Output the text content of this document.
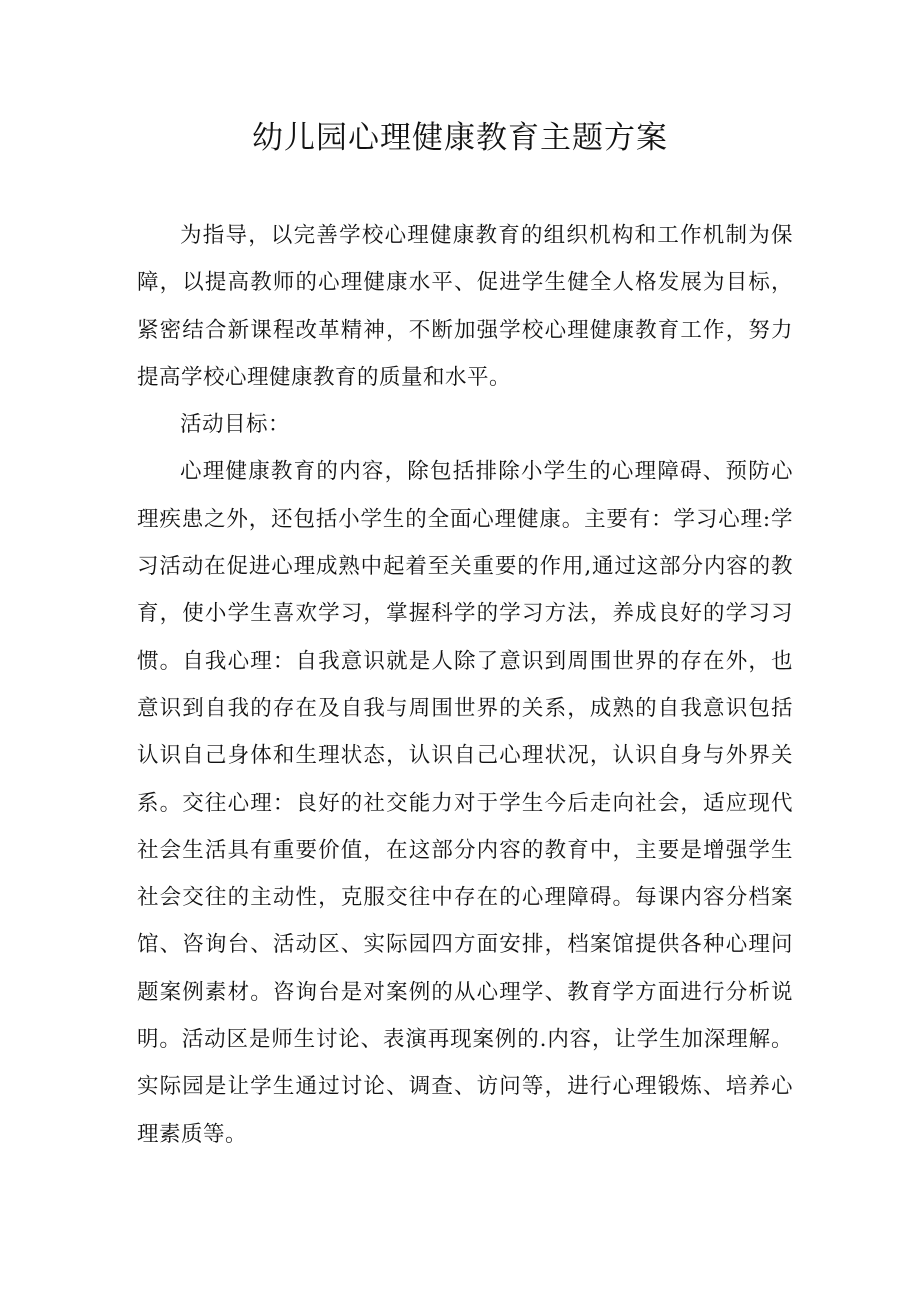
幼儿园心理健康教育主题方案

为指导，以完善学校心理健康教育的组织机构和工作机制为保障，以提高教师的心理健康水平、促进学生健全人格发展为目标，紧密结合新课程改革精神，不断加强学校心理健康教育工作，努力提高学校心理健康教育的质量和水平。

活动目标：

心理健康教育的内容，除包括排除小学生的心理障碍、预防心理疾患之外，还包括小学生的全面心理健康。主要有：学习心理:学习活动在促进心理成熟中起着至关重要的作用,通过这部分内容的教育，使小学生喜欢学习，掌握科学的学习方法，养成良好的学习习惯。自我心理：自我意识就是人除了意识到周围世界的存在外，也意识到自我的存在及自我与周围世界的关系，成熟的自我意识包括认识自己身体和生理状态，认识自己心理状况，认识自身与外界关系。交往心理：良好的社交能力对于学生今后走向社会，适应现代社会生活具有重要价值，在这部分内容的教育中，主要是增强学生社会交往的主动性，克服交往中存在的心理障碍。每课内容分档案馆、咨询台、活动区、实际园四方面安排，档案馆提供各种心理问题案例素材。咨询台是对案例的从心理学、教育学方面进行分析说明。活动区是师生讨论、表演再现案例的.内容，让学生加深理解。实际园是让学生通过讨论、调查、访问等，进行心理锻炼、培养心理素质等。
